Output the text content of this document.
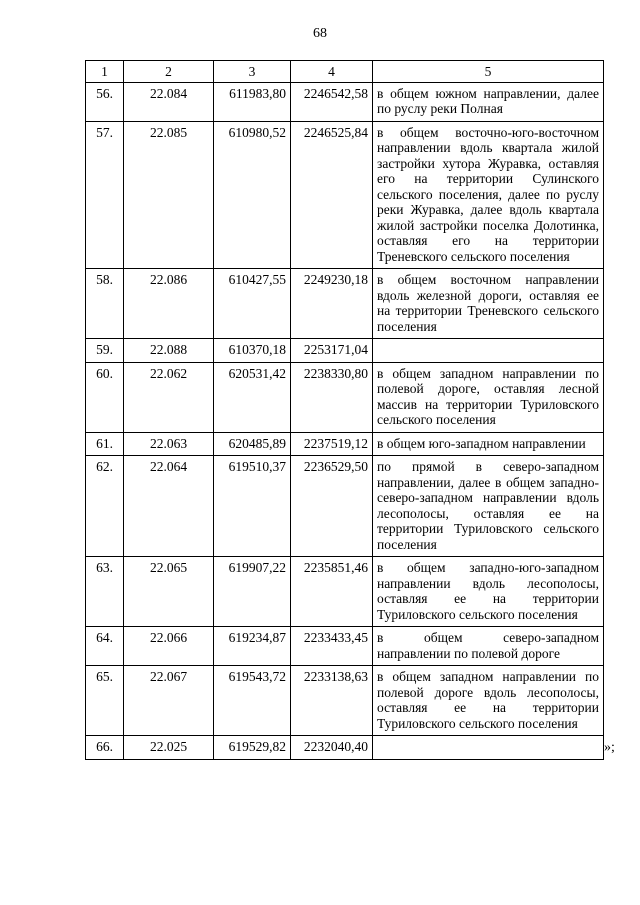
68
1	2	3	4	5
56.	22.084	611983,80	2246542,58	в общем южном направлении, далее по руслу реки Полная
57.	22.085	610980,52	2246525,84	в общем восточно-юго-восточном направлении вдоль квартала жилой застройки хутора Журавка, оставляя его на территории Сулинского сельского поселения, далее по руслу реки Журавка, далее вдоль квартала жилой застройки поселка Долотинка, оставляя его на территории Треневского сельского поселения
58.	22.086	610427,55	2249230,18	в общем восточном направлении вдоль железной дороги, оставляя ее на территории Треневского сельского поселения
59.	22.088	610370,18	2253171,04	
60.	22.062	620531,42	2238330,80	в общем западном направлении по полевой дороге, оставляя лесной массив на территории Туриловского сельского поселения
61.	22.063	620485,89	2237519,12	в общем юго-западном направлении
62.	22.064	619510,37	2236529,50	по прямой в северо-западном направлении, далее в общем западно-северо-западном направлении вдоль лесополосы, оставляя ее на территории Туриловского сельского поселения
63.	22.065	619907,22	2235851,46	в общем западно-юго-западном направлении вдоль лесополосы, оставляя ее на территории Туриловского сельского поселения
64.	22.066	619234,87	2233433,45	в общем северо-западном направлении по полевой дороге
65.	22.067	619543,72	2233138,63	в общем западном направлении по полевой дороге вдоль лесополосы, оставляя ее на территории Туриловского сельского поселения
66.	22.025	619529,82	2232040,40		»;
